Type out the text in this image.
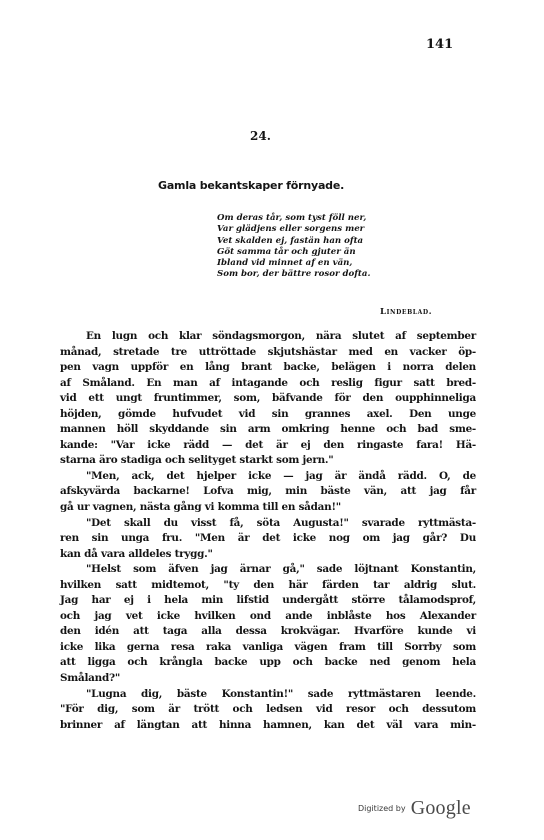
141
24.
Gamla bekantskaper förnyade.
Om deras tår, som tyst föll ner,
Var glädjens eller sorgens mer
Vet skalden ej, fastän han ofta
Göt samma tår och gjuter än
Ibland vid minnet af en vän,
Som bor, der bättre rosor dofta.
Lindeblad.
En lugn och klar söndagsmorgon, nära slutet af september
månad, stretade tre uttröttade skjutshästar med en vacker öp-
pen vagn uppför en lång brant backe, belägen i norra delen
af Småland. En man af intagande och reslig figur satt bred-
vid ett ungt fruntimmer, som, bäfvande för den oupphinneliga
höjden, gömde hufvudet vid sin grannes axel. Den unge
mannen höll skyddande sin arm omkring henne och bad sme-
kande: "Var icke rädd — det är ej den ringaste fara! Hä-
starna äro stadiga och selityget starkt som jern."
"Men, ack, det hjelper icke — jag är ändå rädd. O, de
afskyvärda backarne! Lofva mig, min bäste vän, att jag får
gå ur vagnen, nästa gång vi komma till en sådan!"
"Det skall du visst få, söta Augusta!" svarade ryttmästa-
ren sin unga fru. "Men är det icke nog om jag går? Du
kan då vara alldeles trygg."
"Helst som äfven jag ärnar gå," sade löjtnant Konstantin,
hvilken satt midtemot, "ty den här färden tar aldrig slut.
Jag har ej i hela min lifstid undergått större tålamodsprof,
och jag vet icke hvilken ond ande inblåste hos Alexander
den idén att taga alla dessa krokvägar. Hvarföre kunde vi
icke lika gerna resa raka vanliga vägen fram till Sorrby som
att ligga och krångla backe upp och backe ned genom hela
Småland?"
"Lugna dig, bäste Konstantin!" sade ryttmästaren leende.
"För dig, som är trött och ledsen vid resor och dessutom
brinner af längtan att hinna hamnen, kan det väl vara min-
Digitized by Google
